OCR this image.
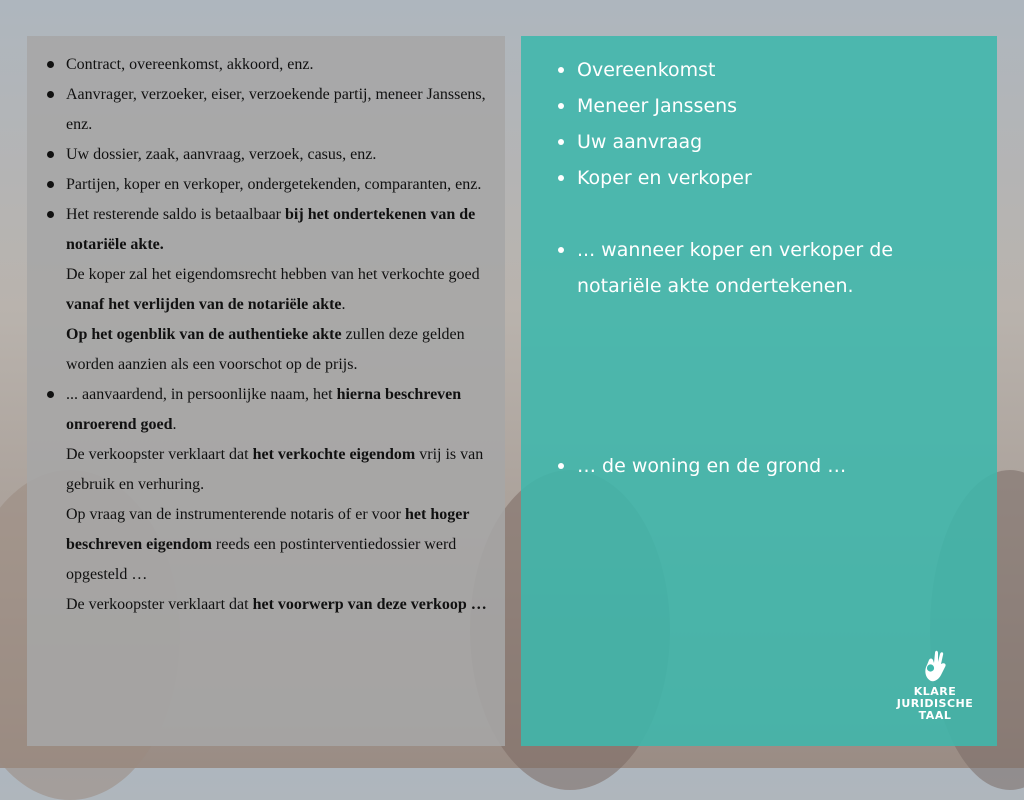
Contract, overeenkomst, akkoord, enz.
Aanvrager, verzoeker, eiser, verzoekende partij, meneer Janssens, enz.
Uw dossier, zaak, aanvraag, verzoek, casus, enz.
Partijen, koper en verkoper, ondergetekenden, comparanten, enz.
Het resterende saldo is betaalbaar bij het ondertekenen van de notariële akte.
De koper zal het eigendomsrecht hebben van het verkochte goed vanaf het verlijden van de notariële akte.
Op het ogenblik van de authentieke akte zullen deze gelden worden aanzien als een voorschot op de prijs.
... aanvaardend, in persoonlijke naam, het hierna beschreven onroerend goed.
De verkoopster verklaart dat het verkochte eigendom vrij is van gebruik en verhuring.
Op vraag van de instrumenterende notaris of er voor het hoger beschreven eigendom reeds een postinterventiedossier werd opgesteld …
De verkoopster verklaart dat het voorwerp van deze verkoop …
Overeenkomst
Meneer Janssens
Uw aanvraag
Koper en verkoper
... wanneer koper en verkoper de notariële akte ondertekenen.
… de woning en de grond …
KLARE
JURIDISCHE
TAAL
